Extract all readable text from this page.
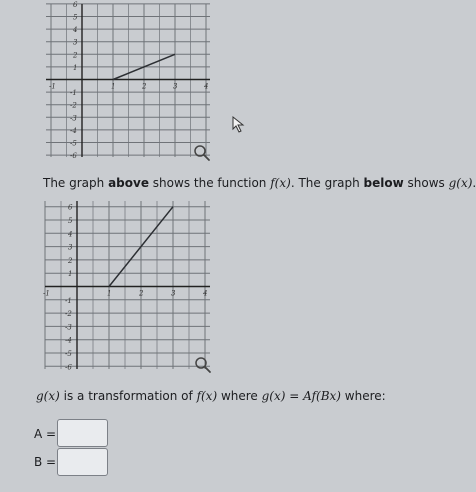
-1	1	2	3	4
1
2
3
4
5
6
-1
-2
-3
-4
-5
-6
-1	1	2	3	4
1
2
3
4
5
6
-1
-2
-3
-4
-5
-6
The graph above shows the function f(x). The graph below shows g(x).
g(x) is a transformation of f(x) where g(x) = Af(Bx) where:
A =
B =
